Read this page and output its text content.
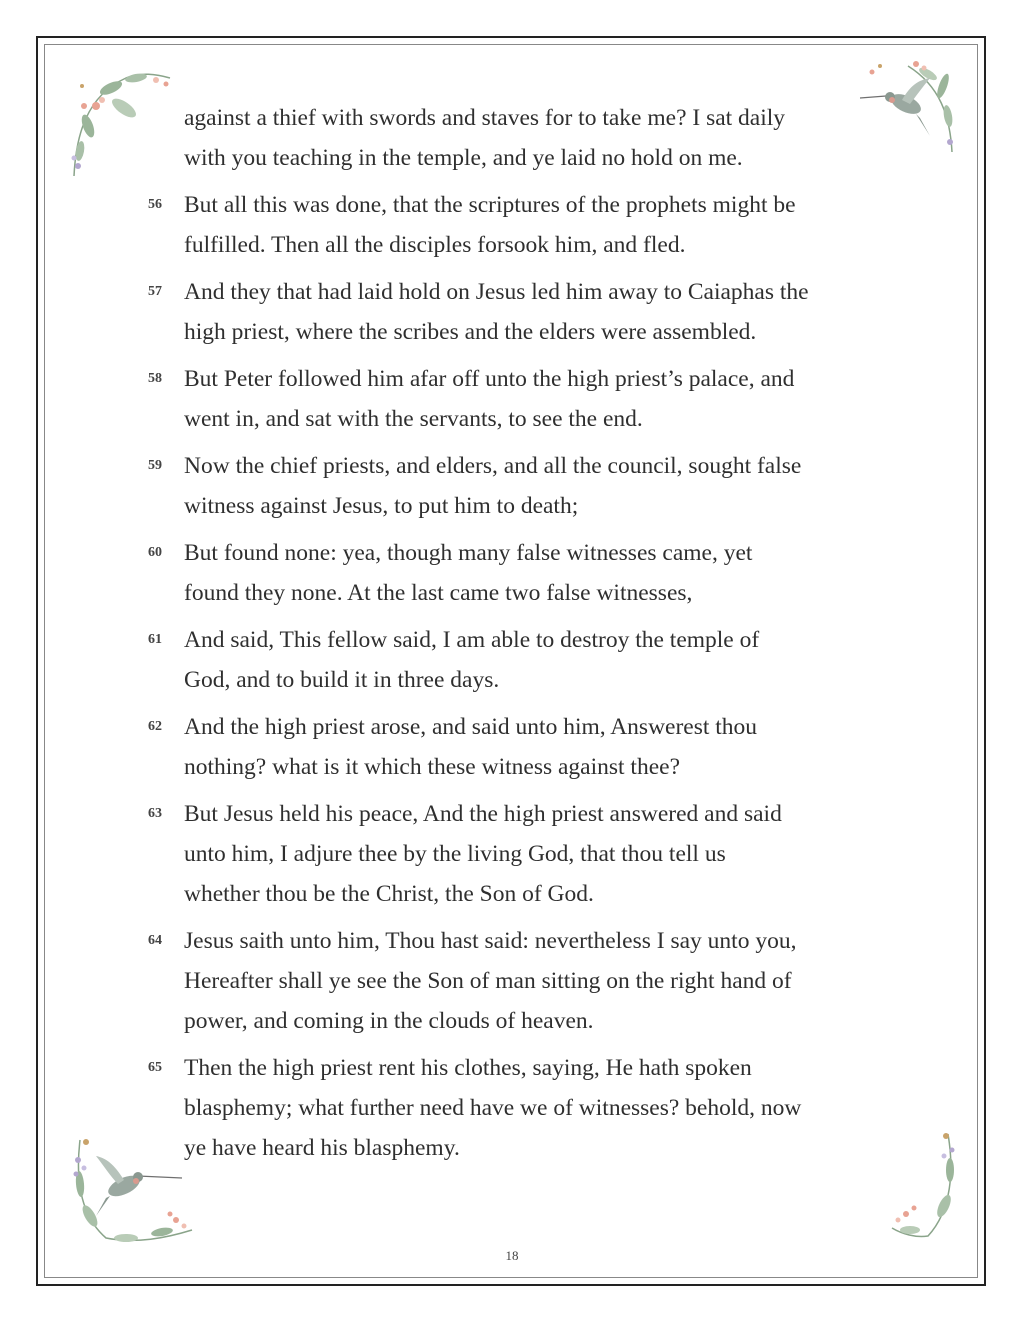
against a thief with swords and staves for to take me? I sat daily
with you teaching in the temple, and ye laid no hold on me.
56 But all this was done, that the scriptures of the prophets might be
fulfilled. Then all the disciples forsook him, and fled.
57 And they that had laid hold on Jesus led him away to Caiaphas the
high priest, where the scribes and the elders were assembled.
58 But Peter followed him afar off unto the high priest’s palace, and
went in, and sat with the servants, to see the end.
59 Now the chief priests, and elders, and all the council, sought false
witness against Jesus, to put him to death;
60 But found none: yea, though many false witnesses came, yet
found they none. At the last came two false witnesses,
61 And said, This fellow said, I am able to destroy the temple of
God, and to build it in three days.
62 And the high priest arose, and said unto him, Answerest thou
nothing? what is it which these witness against thee?
63 But Jesus held his peace, And the high priest answered and said
unto him, I adjure thee by the living God, that thou tell us
whether thou be the Christ, the Son of God.
64 Jesus saith unto him, Thou hast said: nevertheless I say unto you,
Hereafter shall ye see the Son of man sitting on the right hand of
power, and coming in the clouds of heaven.
65 Then the high priest rent his clothes, saying, He hath spoken
blasphemy; what further need have we of witnesses? behold, now
ye have heard his blasphemy.
18
